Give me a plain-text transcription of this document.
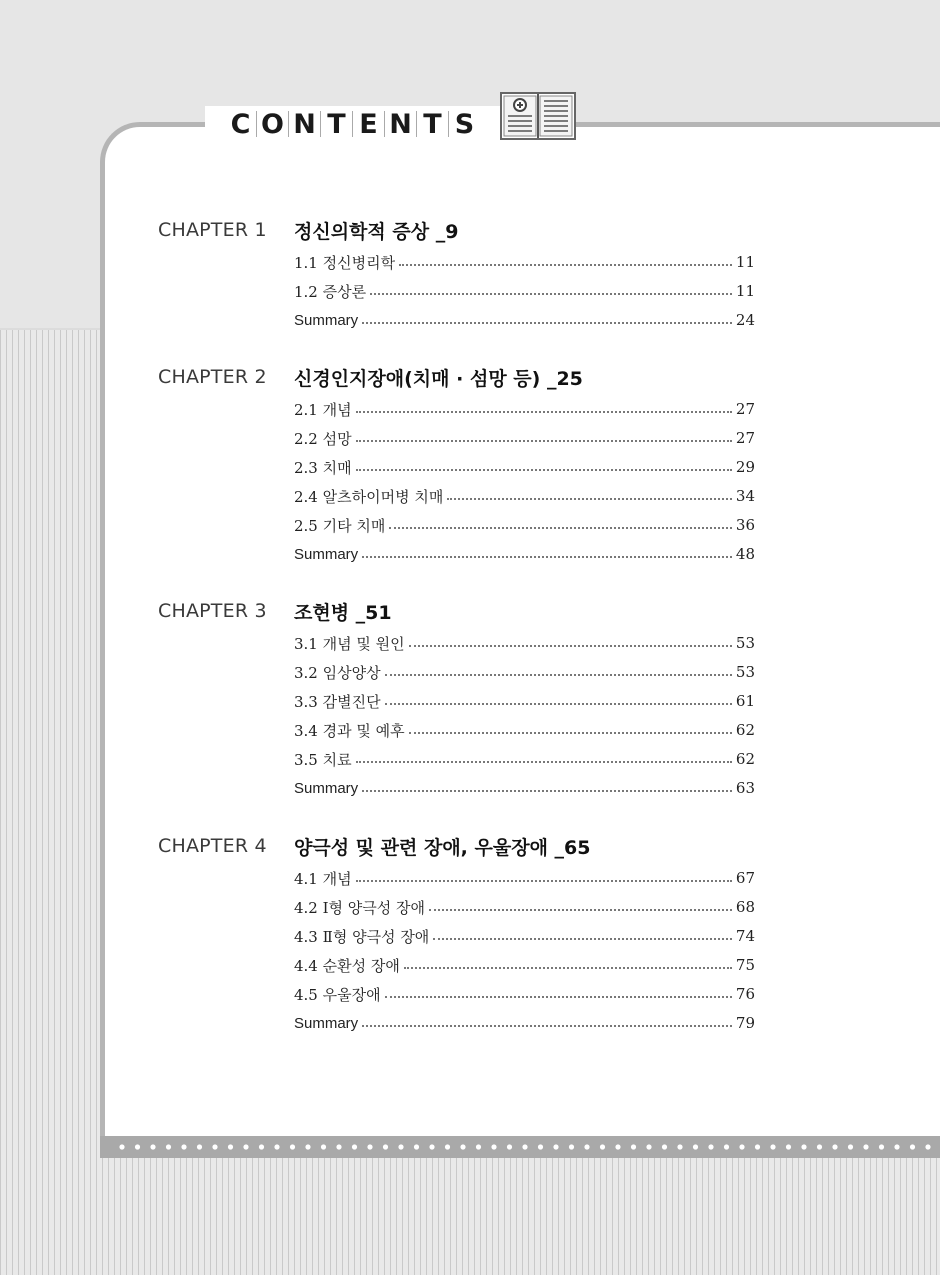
C O N T E N T S
CHAPTER 1	정신의학적 증상 _9
1.1 정신병리학	11
1.2 증상론	11
Summary	24
CHAPTER 2	신경인지장애(치매 · 섬망 등) _25
2.1 개념	27
2.2 섬망	27
2.3 치매	29
2.4 알츠하이머병 치매	34
2.5 기타 치매	36
Summary	48
CHAPTER 3	조현병 _51
3.1 개념 및 원인	53
3.2 임상양상	53
3.3 감별진단	61
3.4 경과 및 예후	62
3.5 치료	62
Summary	63
CHAPTER 4	양극성 및 관련 장애, 우울장애 _65
4.1 개념	67
4.2 Ⅰ형 양극성 장애	68
4.3 Ⅱ형 양극성 장애	74
4.4 순환성 장애	75
4.5 우울장애	76
Summary	79
